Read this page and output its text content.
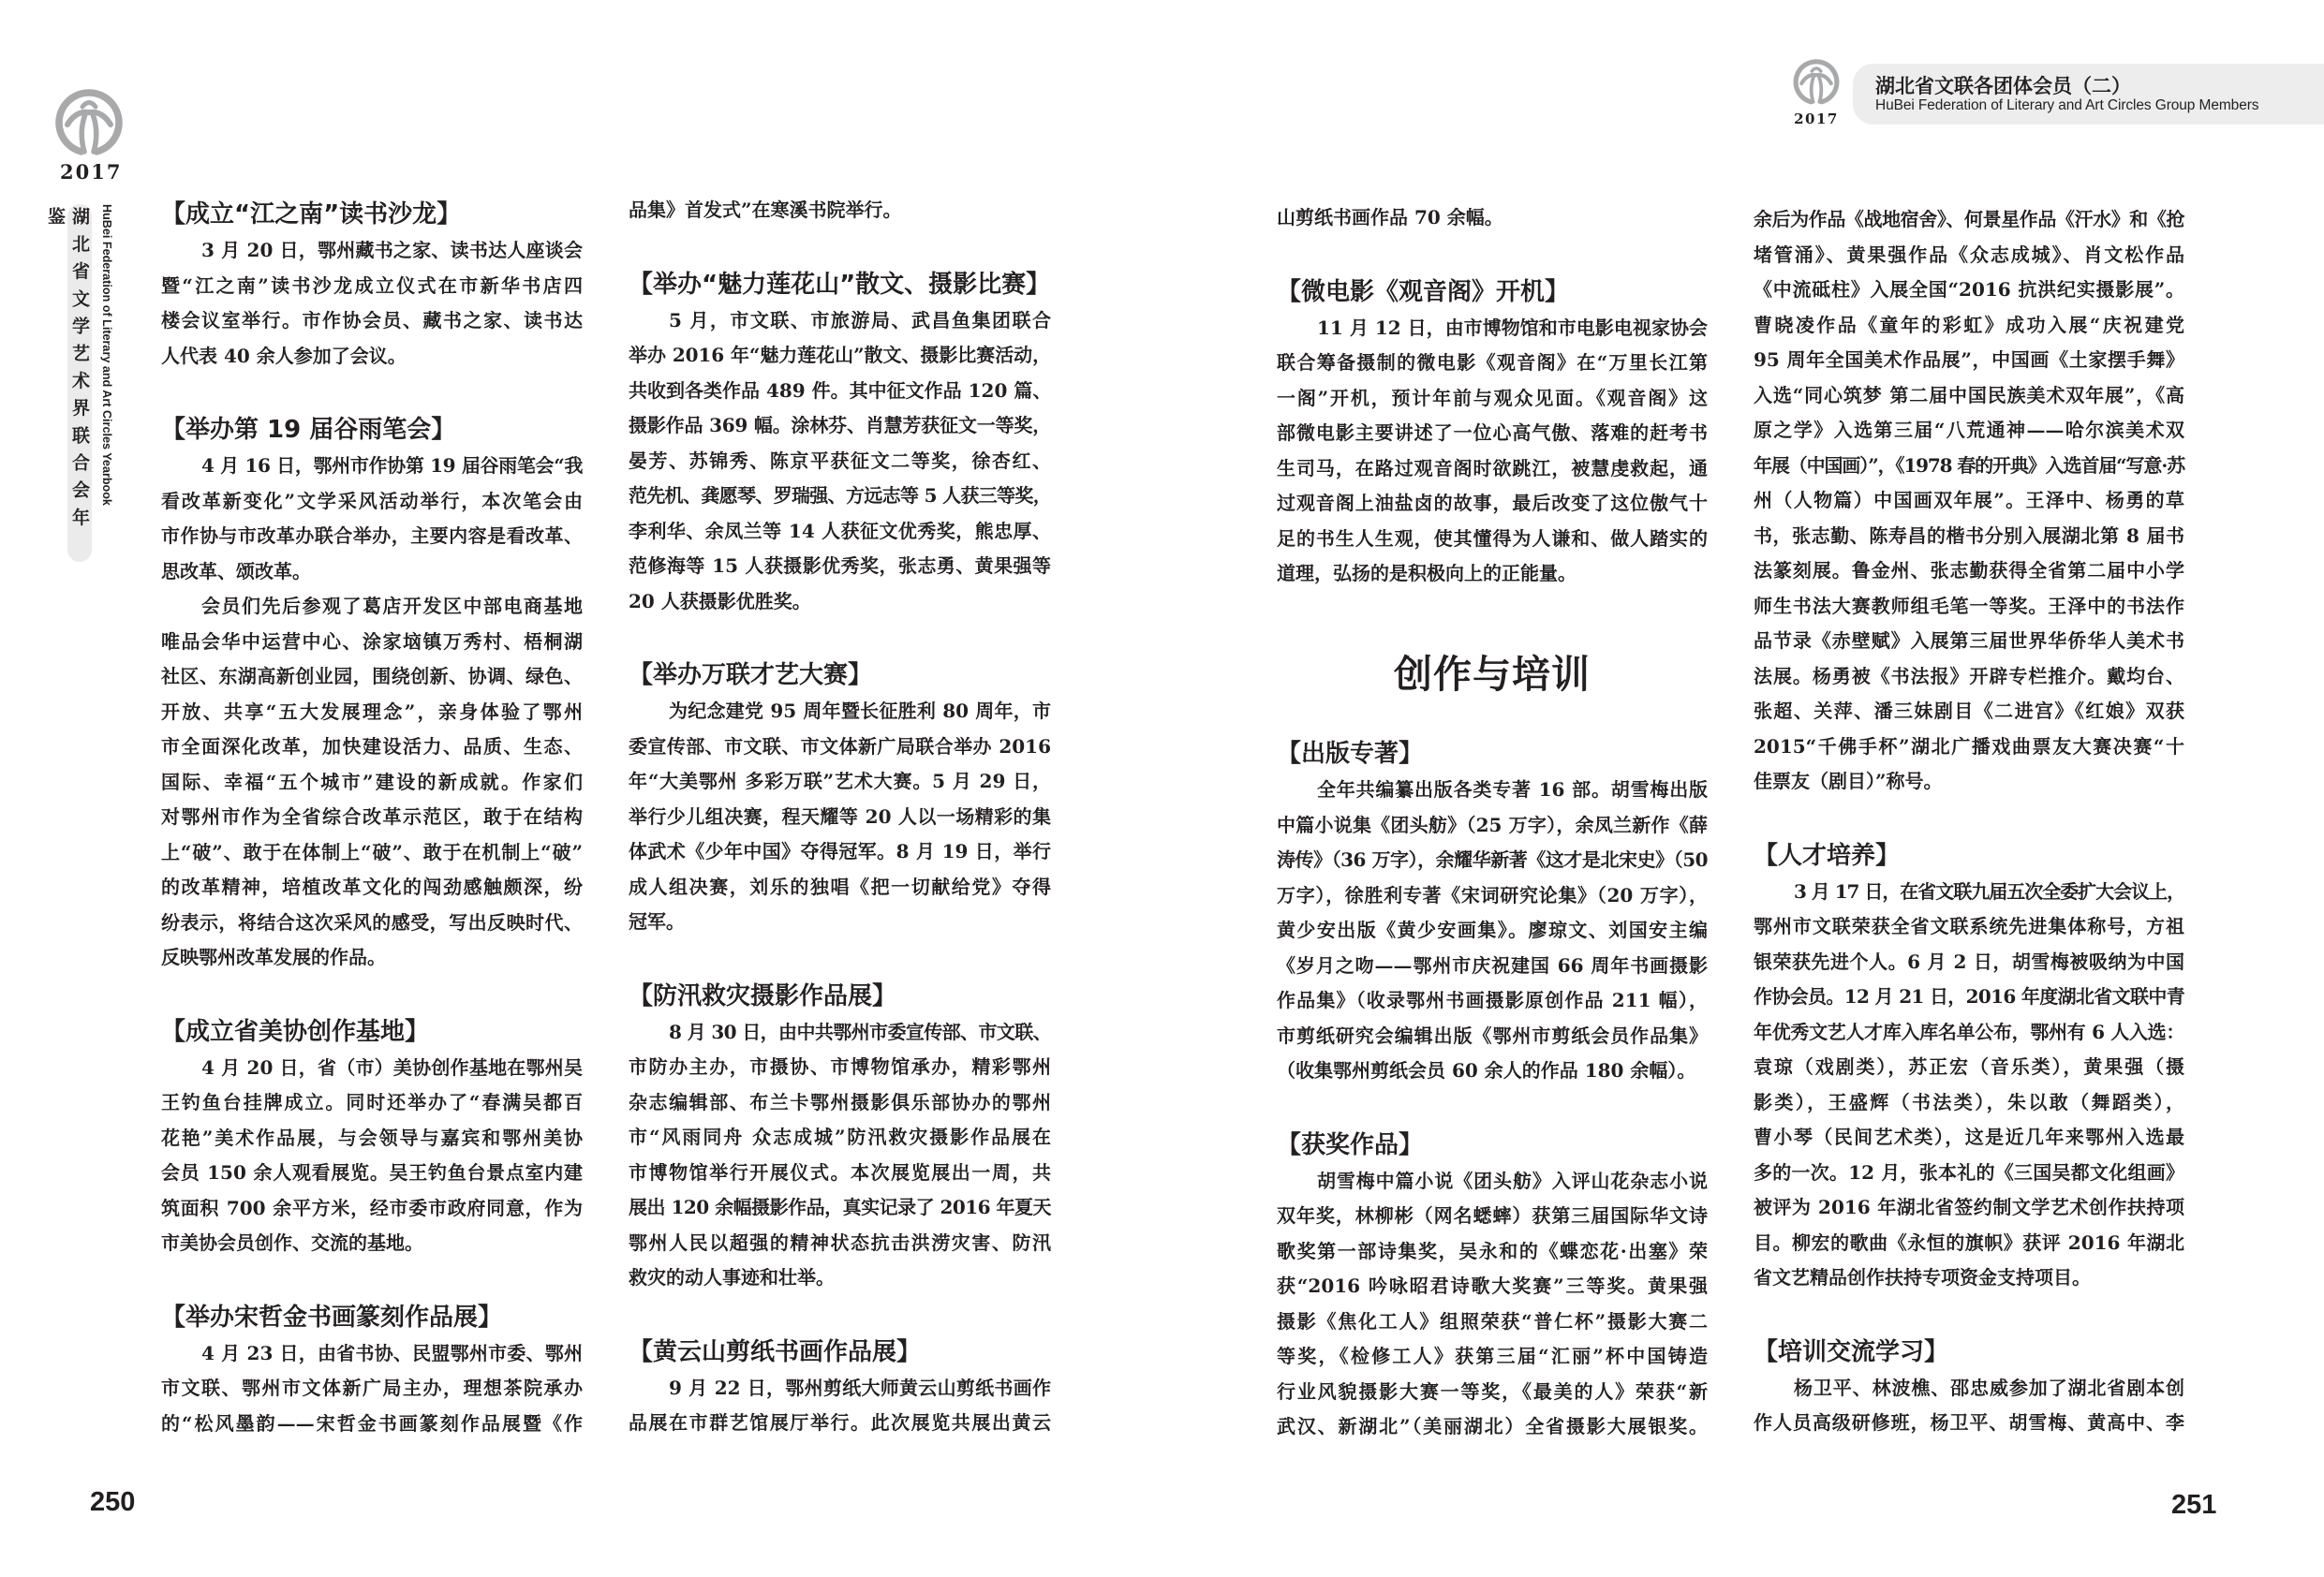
2017
湖北省文学艺术界联合会年鉴	HuBei Federation of Literary and Art Circles Yearbook
2017
湖北省文联各团体会员（二）
HuBei Federation of Literary and Art Circles Group Members
【成立“江之南”读书沙龙】
3 月 20 日，鄂州藏书之家、读书达人座谈会
暨“江之南”读书沙龙成立仪式在市新华书店四
楼会议室举行。市作协会员、藏书之家、读书达
人代表 40 余人参加了会议。
【举办第 19 届谷雨笔会】
4 月 16 日，鄂州市作协第 19 届谷雨笔会“我
看改革新变化”文学采风活动举行，本次笔会由
市作协与市改革办联合举办，主要内容是看改革、
思改革、颂改革。
会员们先后参观了葛店开发区中部电商基地
唯品会华中运营中心、涂家垴镇万秀村、梧桐湖
社区、东湖高新创业园，围绕创新、协调、绿色、
开放、共享“五大发展理念”，亲身体验了鄂州
市全面深化改革，加快建设活力、品质、生态、
国际、幸福“五个城市”建设的新成就。作家们
对鄂州市作为全省综合改革示范区，敢于在结构
上“破”、敢于在体制上“破”、敢于在机制上“破”
的改革精神，培植改革文化的闯劲感触颇深，纷
纷表示，将结合这次采风的感受，写出反映时代、
反映鄂州改革发展的作品。
【成立省美协创作基地】
4 月 20 日，省（市）美协创作基地在鄂州吴
王钓鱼台挂牌成立。同时还举办了“春满吴都百
花艳”美术作品展，与会领导与嘉宾和鄂州美协
会员 150 余人观看展览。吴王钓鱼台景点室内建
筑面积 700 余平方米，经市委市政府同意，作为
市美协会员创作、交流的基地。
【举办宋哲金书画篆刻作品展】
4 月 23 日，由省书协、民盟鄂州市委、鄂州
市文联、鄂州市文体新广局主办，理想茶院承办
的“松风墨韵——宋哲金书画篆刻作品展暨《作
品集》首发式”在寒溪书院举行。
【举办“魅力莲花山”散文、摄影比赛】
5 月，市文联、市旅游局、武昌鱼集团联合
举办 2016 年“魅力莲花山”散文、摄影比赛活动，
共收到各类作品 489 件。其中征文作品 120 篇、
摄影作品 369 幅。涂林芬、肖慧芳获征文一等奖，
晏芳、苏锦秀、陈京平获征文二等奖，徐杏红、
范先机、龚愿琴、罗瑞强、方远志等 5 人获三等奖，
李利华、余凤兰等 14 人获征文优秀奖，熊忠厚、
范修海等 15 人获摄影优秀奖，张志勇、黄果强等
20 人获摄影优胜奖。
【举办万联才艺大赛】
为纪念建党 95 周年暨长征胜利 80 周年，市
委宣传部、市文联、市文体新广局联合举办 2016
年“大美鄂州 多彩万联”艺术大赛。5 月 29 日，
举行少儿组决赛，程天耀等 20 人以一场精彩的集
体武术《少年中国》夺得冠军。8 月 19 日，举行
成人组决赛，刘乐的独唱《把一切献给党》夺得
冠军。
【防汛救灾摄影作品展】
8 月 30 日，由中共鄂州市委宣传部、市文联、
市防办主办，市摄协、市博物馆承办，精彩鄂州
杂志编辑部、布兰卡鄂州摄影俱乐部协办的鄂州
市“风雨同舟 众志成城”防汛救灾摄影作品展在
市博物馆举行开展仪式。本次展览展出一周，共
展出 120 余幅摄影作品，真实记录了 2016 年夏天
鄂州人民以超强的精神状态抗击洪涝灾害、防汛
救灾的动人事迹和壮举。
【黄云山剪纸书画作品展】
9 月 22 日，鄂州剪纸大师黄云山剪纸书画作
品展在市群艺馆展厅举行。此次展览共展出黄云
山剪纸书画作品 70 余幅。
【微电影《观音阁》开机】
11 月 12 日，由市博物馆和市电影电视家协会
联合筹备摄制的微电影《观音阁》在“万里长江第
一阁”开机，预计年前与观众见面。《观音阁》这
部微电影主要讲述了一位心高气傲、落难的赶考书
生司马，在路过观音阁时欲跳江，被慧虔救起，通
过观音阁上油盐卤的故事，最后改变了这位傲气十
足的书生人生观，使其懂得为人谦和、做人踏实的
道理，弘扬的是积极向上的正能量。
创作与培训
【出版专著】
全年共编纂出版各类专著 16 部。胡雪梅出版
中篇小说集《团头舫》（25 万字），余凤兰新作《薛
涛传》（36 万字），余耀华新著《这才是北宋史》（50
万字），徐胜利专著《宋词研究论集》（20 万字），
黄少安出版《黄少安画集》。廖琼文、刘国安主编
《岁月之吻——鄂州市庆祝建国 66 周年书画摄影
作品集》（收录鄂州书画摄影原创作品 211 幅），
市剪纸研究会编辑出版《鄂州市剪纸会员作品集》
（收集鄂州剪纸会员 60 余人的作品 180 余幅）。
【获奖作品】
胡雪梅中篇小说《团头舫》入评山花杂志小说
双年奖，林柳彬（网名蟋蟀）获第三届国际华文诗
歌奖第一部诗集奖，吴永和的《蝶恋花·出塞》荣
获“2016 吟咏昭君诗歌大奖赛”三等奖。黄果强
摄影《焦化工人》组照荣获“普仁杯”摄影大赛二
等奖，《检修工人》获第三届“汇丽”杯中国铸造
行业风貌摄影大赛一等奖，《最美的人》荣获“新
武汉、新湖北”（美丽湖北）全省摄影大展银奖。
余后为作品《战地宿舍》、何景星作品《汗水》和《抢
堵管涌》、黄果强作品《众志成城》、肖文松作品
《中流砥柱》入展全国“2016 抗洪纪实摄影展”。
曹晓凌作品《童年的彩虹》成功入展“庆祝建党
95 周年全国美术作品展”，中国画《土家摆手舞》
入选“同心筑梦 第二届中国民族美术双年展”，《高
原之学》入选第三届“八荒通神——哈尔滨美术双
年展（中国画）”，《1978 春的开典》入选首届“写意·苏
州（人物篇）中国画双年展”。王泽中、杨勇的草
书，张志勤、陈寿昌的楷书分别入展湖北第 8 届书
法篆刻展。鲁金州、张志勤获得全省第二届中小学
师生书法大赛教师组毛笔一等奖。王泽中的书法作
品节录《赤壁赋》入展第三届世界华侨华人美术书
法展。杨勇被《书法报》开辟专栏推介。戴均台、
张超、关萍、潘三妹剧目《二进宫》《红娘》双获
2015“千佛手杯”湖北广播戏曲票友大赛决赛“十
佳票友（剧目）”称号。
【人才培养】
3 月 17 日，在省文联九届五次全委扩大会议上，
鄂州市文联荣获全省文联系统先进集体称号，方祖
银荣获先进个人。6 月 2 日，胡雪梅被吸纳为中国
作协会员。12 月 21 日，2016 年度湖北省文联中青
年优秀文艺人才库入库名单公布，鄂州有 6 人入选：
袁琼（戏剧类），苏正宏（音乐类），黄果强（摄
影类），王盛辉（书法类），朱以敢（舞蹈类），
曹小琴（民间艺术类），这是近几年来鄂州入选最
多的一次。12 月，张本礼的《三国吴都文化组画》
被评为 2016 年湖北省签约制文学艺术创作扶持项
目。柳宏的歌曲《永恒的旗帜》获评 2016 年湖北
省文艺精品创作扶持专项资金支持项目。
【培训交流学习】
杨卫平、林波樵、邵忠威参加了湖北省剧本创
作人员高级研修班，杨卫平、胡雪梅、黄高中、李
250	251
